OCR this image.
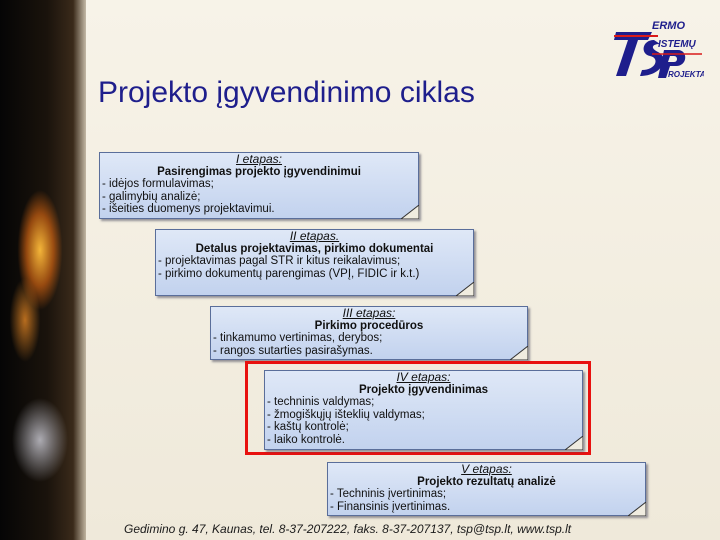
ERMO
ISTEMŲ
ROJEKTAI
Projekto įgyvendinimo ciklas
I etapas:
Pasirengimas projekto įgyvendinimui
- idėjos formulavimas;
- galimybių analizė;
- išeities duomenys projektavimui.
II etapas.
Detalus projektavimas, pirkimo dokumentai
- projektavimas pagal STR ir kitus reikalavimus;
- pirkimo dokumentų parengimas (VPĮ, FIDIC ir k.t.)
III etapas:
Pirkimo procedūros
- tinkamumo vertinimas, derybos;
- rangos sutarties pasirašymas.
IV etapas:
Projekto įgyvendinimas
- techninis valdymas;
- žmogiškųjų išteklių valdymas;
- kaštų kontrolė;
- laiko kontrolė.
V etapas:
Projekto rezultatų analizė
- Techninis įvertinimas;
- Finansinis įvertinimas.
Gedimino g. 47, Kaunas, tel. 8-37-207222, faks. 8-37-207137, tsp@tsp.lt, www.tsp.lt
